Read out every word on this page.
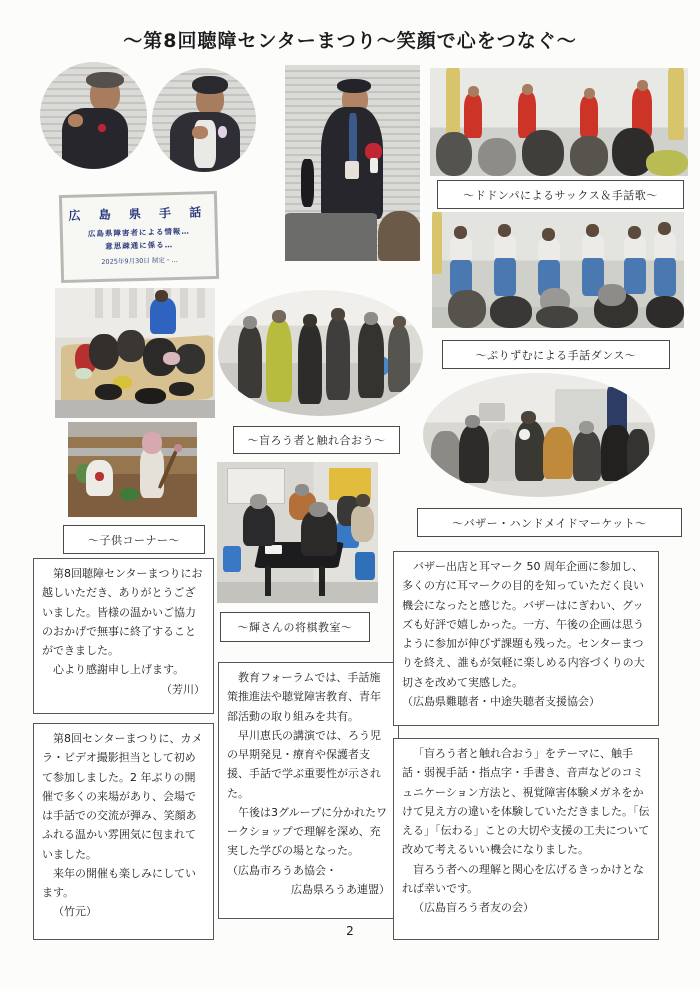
～第8回聴障センターまつり～笑顔で心をつなぐ～
～ドドンパによるサックス＆手話歌～
～ぷりずむによる手話ダンス～
広 島 県 手 話
広島県障害者による情報…
意思疎通に係る…
2025年9月30日 制定・…
～盲ろう者と触れ合おう～
～バザー・ハンドメイドマーケット～
～子供コーナー～
～輝さんの将棋教室～

第8回聴障センターまつりにお越しいただき、ありがとうございました。皆様の温かいご協力のおかげで無事に終了することができました。

心より感謝申し上げます。

（芳川）

第8回センターまつりに、カメラ・ビデオ撮影担当として初めて参加しました。2 年ぶりの開催で多くの来場があり、会場では手話での交流が弾み、笑顔あふれる温かい雰囲気に包まれていました。

来年の開催も楽しみにしています。

（竹元）

教育フォーラムでは、手話施策推進法や聴覚障害教育、青年部活動の取り組みを共有。

早川恵氏の講演では、ろう児の早期発見・療育や保護者支援、手話で学ぶ重要性が示された。

午後は3グループに分かれたワークショップで理解を深め、充実した学びの場となった。

（広島市ろうあ協会・

広島県ろうあ連盟）

バザー出店と耳マーク 50 周年企画に参加し、多くの方に耳マークの目的を知っていただく良い機会になったと感じた。バザーはにぎわい、グッズも好評で嬉しかった。一方、午後の企画は思うように参加が伸びず課題も残った。センターまつりを終え、誰もが気軽に楽しめる内容づくりの大切さを改めて実感した。

（広島県難聴者・中途失聴者支援協会）

「盲ろう者と触れ合おう」をテーマに、触手話・弱視手話・指点字・手書き、音声などのコミュニケーション方法と、視覚障害体験メガネをかけて見え方の違いを体験していただきました。「伝える」「伝わる」ことの大切や支援の工夫について改めて考えるいい機会になりました。

盲ろう者への理解と関心を広げるきっかけとなれば幸いです。

（広島盲ろう者友の会）

2
